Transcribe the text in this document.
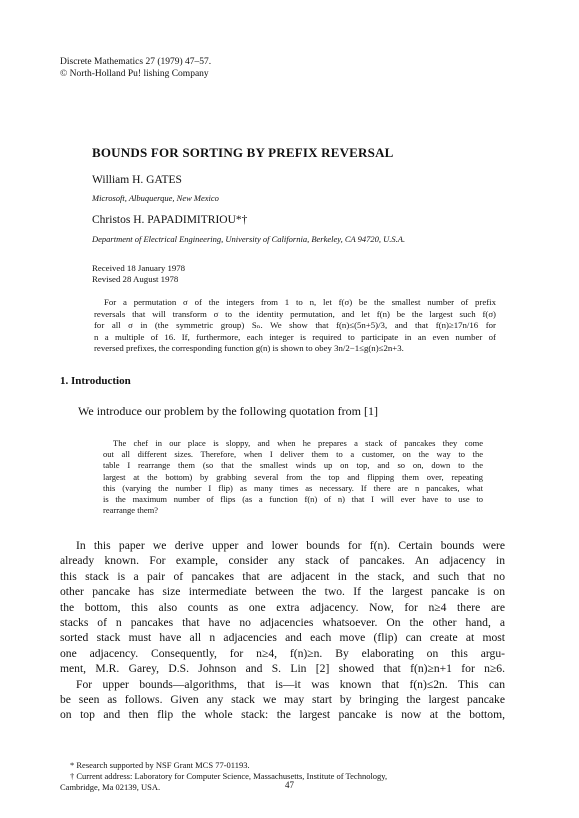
Discrete Mathematics 27 (1979) 47–57.
© North-Holland Pu! lishing Company
BOUNDS FOR SORTING BY PREFIX REVERSAL
William H. GATES
Microsoft, Albuquerque, New Mexico
Christos H. PAPADIMITRIOU*†
Department of Electrical Engineering, University of California, Berkeley, CA 94720, U.S.A.
Received 18 January 1978
Revised 28 August 1978
For a permutation σ of the integers from 1 to n, let f(σ) be the smallest number of prefix
reversals that will transform σ to the identity permutation, and let f(n) be the largest such f(σ)
for all σ in (the symmetric group) Sₙ. We show that f(n)≤(5n+5)/3, and that f(n)≥17n/16 for
n a multiple of 16. If, furthermore, each integer is required to participate in an even number of
reversed prefixes, the corresponding function g(n) is shown to obey 3n/2−1≤g(n)≤2n+3.
1. Introduction
We introduce our problem by the following quotation from [1]
The chef in our place is sloppy, and when he prepares a stack of pancakes they come
out all different sizes. Therefore, when I deliver them to a customer, on the way to the
table I rearrange them (so that the smallest winds up on top, and so on, down to the
largest at the bottom) by grabbing several from the top and flipping them over, repeating
this (varying the number I flip) as many times as necessary. If there are n pancakes, what
is the maximum number of flips (as a function f(n) of n) that I will ever have to use to
rearrange them?
In this paper we derive upper and lower bounds for f(n). Certain bounds were
already known. For example, consider any stack of pancakes. An adjacency in
this stack is a pair of pancakes that are adjacent in the stack, and such that no
other pancake has size intermediate between the two. If the largest pancake is on
the bottom, this also counts as one extra adjacency. Now, for n≥4 there are
stacks of n pancakes that have no adjacencies whatsoever. On the other hand, a
sorted stack must have all n adjacencies and each move (flip) can create at most
one adjacency. Consequently, for n≥4, f(n)≥n. By elaborating on this argu-
ment, M.R. Garey, D.S. Johnson and S. Lin [2] showed that f(n)≥n+1 for n≥6.
For upper bounds—algorithms, that is—it was known that f(n)≤2n. This can
be seen as follows. Given any stack we may start by bringing the largest pancake
on top and then flip the whole stack: the largest pancake is now at the bottom,
* Research supported by NSF Grant MCS 77-01193.
† Current address: Laboratory for Computer Science, Massachusetts, Institute of Technology,
Cambridge, Ma 02139, USA.	47
